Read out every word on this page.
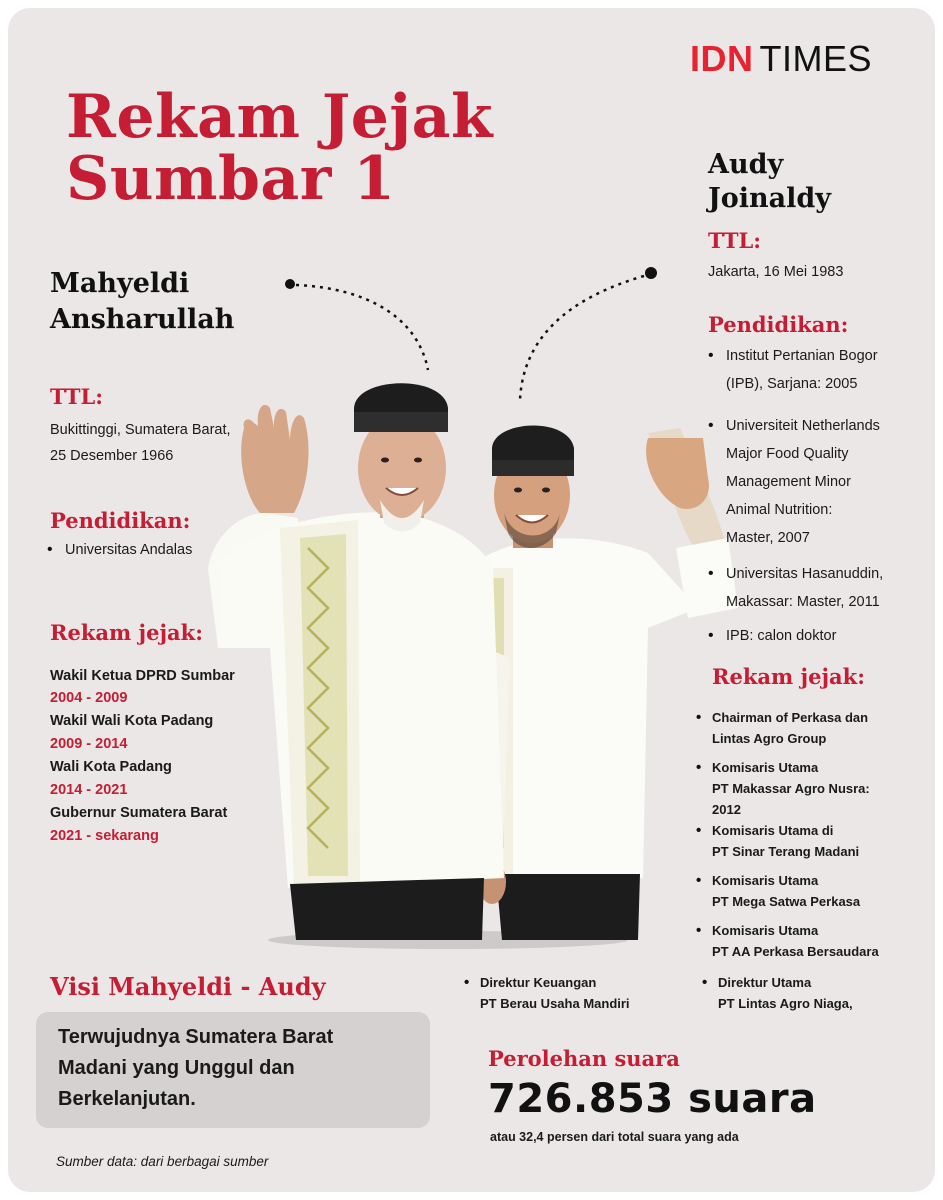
IDN TIMES
Rekam Jejak
Sumbar 1
Mahyeldi
Ansharullah
TTL:
Bukittinggi, Sumatera Barat,
25 Desember 1966
Pendidikan:
• Universitas Andalas
Rekam jejak:
Wakil Ketua DPRD Sumbar
2004 - 2009
Wakil Wali Kota Padang
2009 - 2014
Wali Kota Padang
2014 - 2021
Gubernur Sumatera Barat
2021 - sekarang
Audy
Joinaldy
TTL:
Jakarta, 16 Mei 1983
Pendidikan:
• Institut Pertanian Bogor
(IPB), Sarjana: 2005
• Universiteit Netherlands
Major Food Quality
Management Minor
Animal Nutrition:
Master, 2007
• Universitas Hasanuddin,
Makassar: Master, 2011
• IPB: calon doktor
Rekam jejak:
• Chairman of Perkasa dan
Lintas Agro Group
• Komisaris Utama
PT Makassar Agro Nusra:
2012
• Komisaris Utama di
PT Sinar Terang Madani
• Komisaris Utama
PT Mega Satwa Perkasa
• Komisaris Utama
PT AA Perkasa Bersaudara
• Direktur Keuangan
PT Berau Usaha Mandiri
• Direktur Utama
PT Lintas Agro Niaga,
Visi Mahyeldi - Audy
Terwujudnya Sumatera Barat
Madani yang Unggul dan
Berkelanjutan.
Perolehan suara
726.853 suara
atau 32,4 persen dari total suara yang ada
Sumber data: dari berbagai sumber
